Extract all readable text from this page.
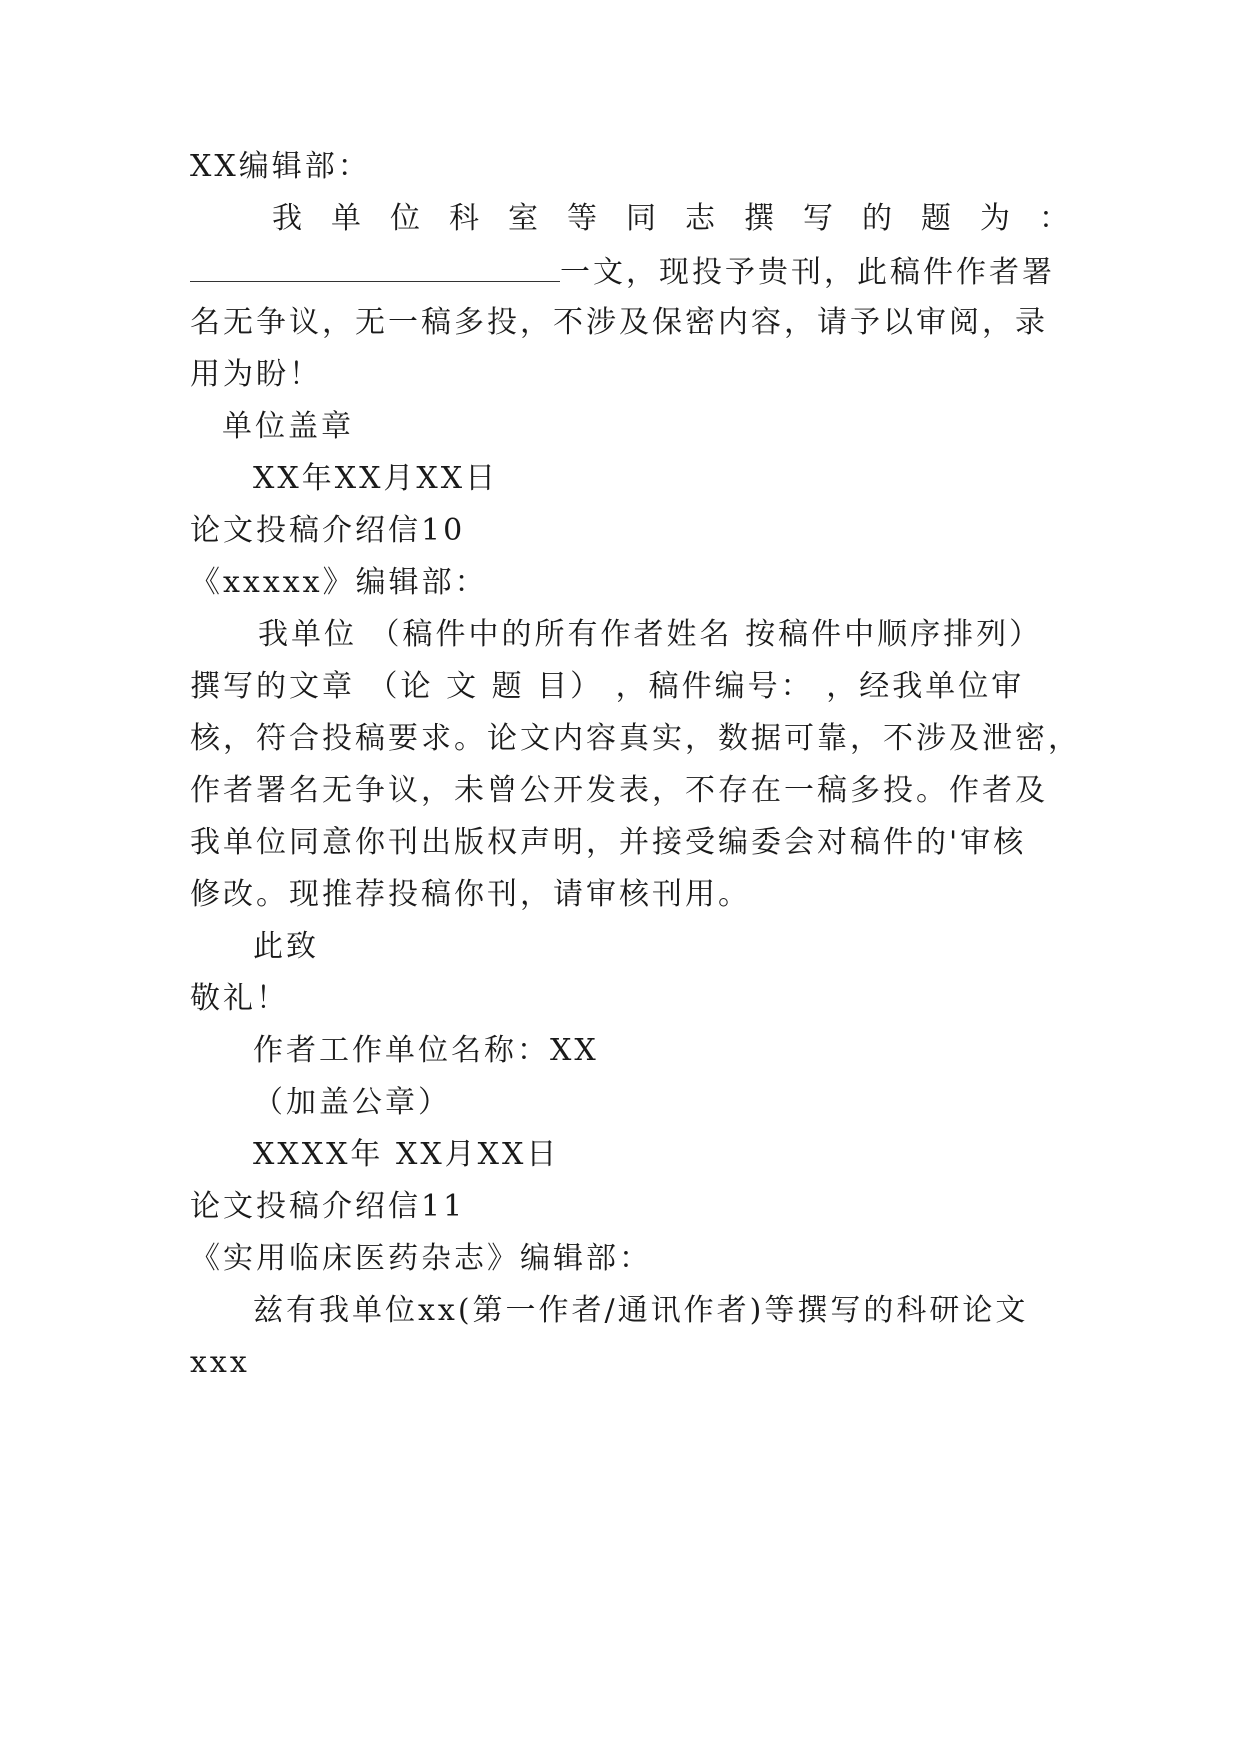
XX编辑部：
我单位科室等同志撰写的题为：
一文，现投予贵刊，此稿件作者署
名无争议，无一稿多投，不涉及保密内容，请予以审阅，录
用为盼！
单位盖章
XX年XX月XX日
论文投稿介绍信10
《xxxxx》编辑部：
我单位 （稿件中的所有作者姓名 按稿件中顺序排列）
撰写的文章 （论 文 题 目） ，稿件编号： ，经我单位审
核，符合投稿要求。论文内容真实，数据可靠，不涉及泄密，
作者署名无争议，未曾公开发表，不存在一稿多投。作者及
我单位同意你刊出版权声明，并接受编委会对稿件的'审核
修改。现推荐投稿你刊，请审核刊用。
此致
敬礼！
作者工作单位名称：XX
（加盖公章）
XXXX年 XX月XX日
论文投稿介绍信11
《实用临床医药杂志》编辑部：
兹有我单位xx(第一作者/通讯作者)等撰写的科研论文
xxx
